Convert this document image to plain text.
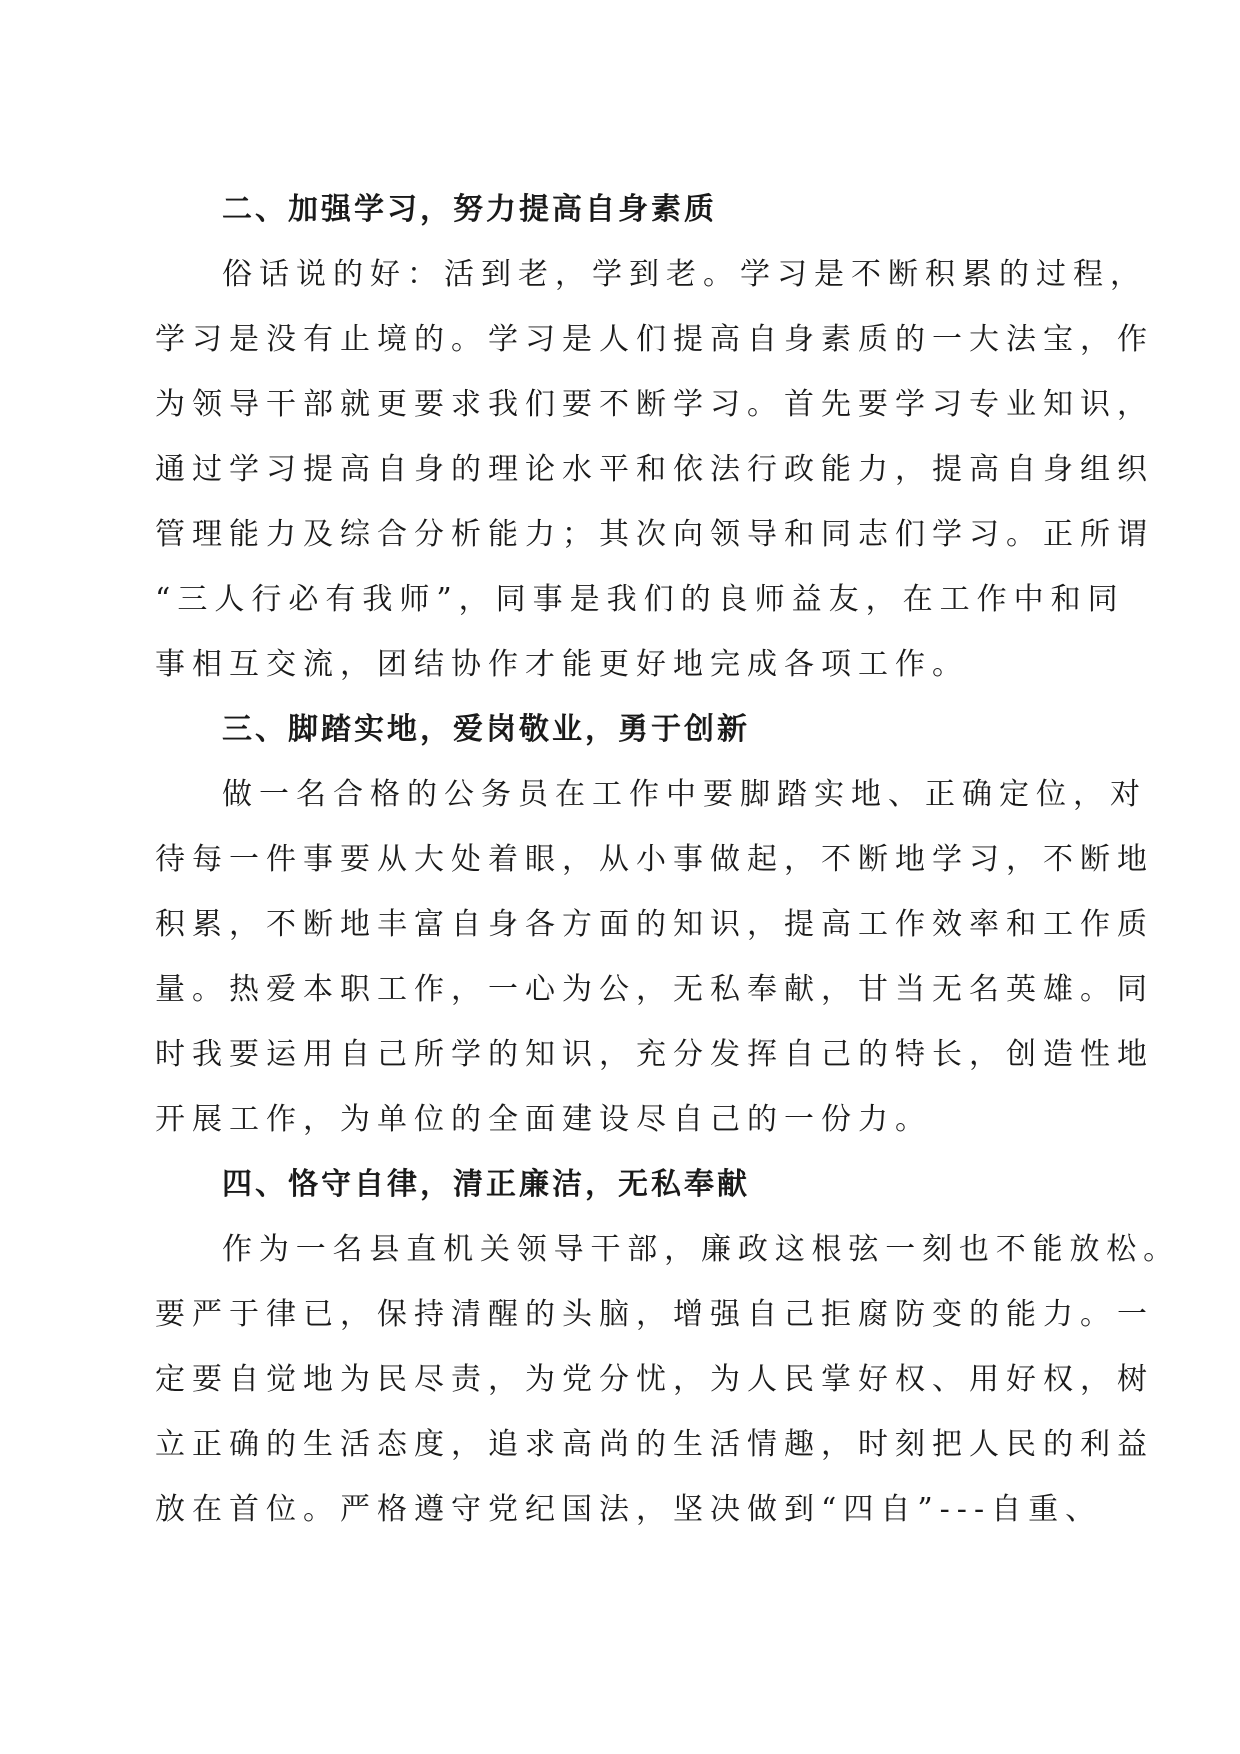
二、加强学习，努力提高自身素质
俗话说的好：活到老，学到老。学习是不断积累的过程，
学习是没有止境的。学习是人们提高自身素质的一大法宝，作
为领导干部就更要求我们要不断学习。首先要学习专业知识，
通过学习提高自身的理论水平和依法行政能力，提高自身组织
管理能力及综合分析能力；其次向领导和同志们学习。正所谓
“三人行必有我师”，同事是我们的良师益友，在工作中和同
事相互交流，团结协作才能更好地完成各项工作。
三、脚踏实地，爱岗敬业，勇于创新
做一名合格的公务员在工作中要脚踏实地、正确定位，对
待每一件事要从大处着眼，从小事做起，不断地学习，不断地
积累，不断地丰富自身各方面的知识，提高工作效率和工作质
量。热爱本职工作，一心为公，无私奉献，甘当无名英雄。同
时我要运用自己所学的知识，充分发挥自己的特长，创造性地
开展工作，为单位的全面建设尽自己的一份力。
四、恪守自律，清正廉洁，无私奉献
作为一名县直机关领导干部，廉政这根弦一刻也不能放松。
要严于律已，保持清醒的头脑，增强自己拒腐防变的能力。一
定要自觉地为民尽责，为党分忧，为人民掌好权、用好权，树
立正确的生活态度，追求高尚的生活情趣，时刻把人民的利益
放在首位。严格遵守党纪国法，坚决做到“四自”---自重、
